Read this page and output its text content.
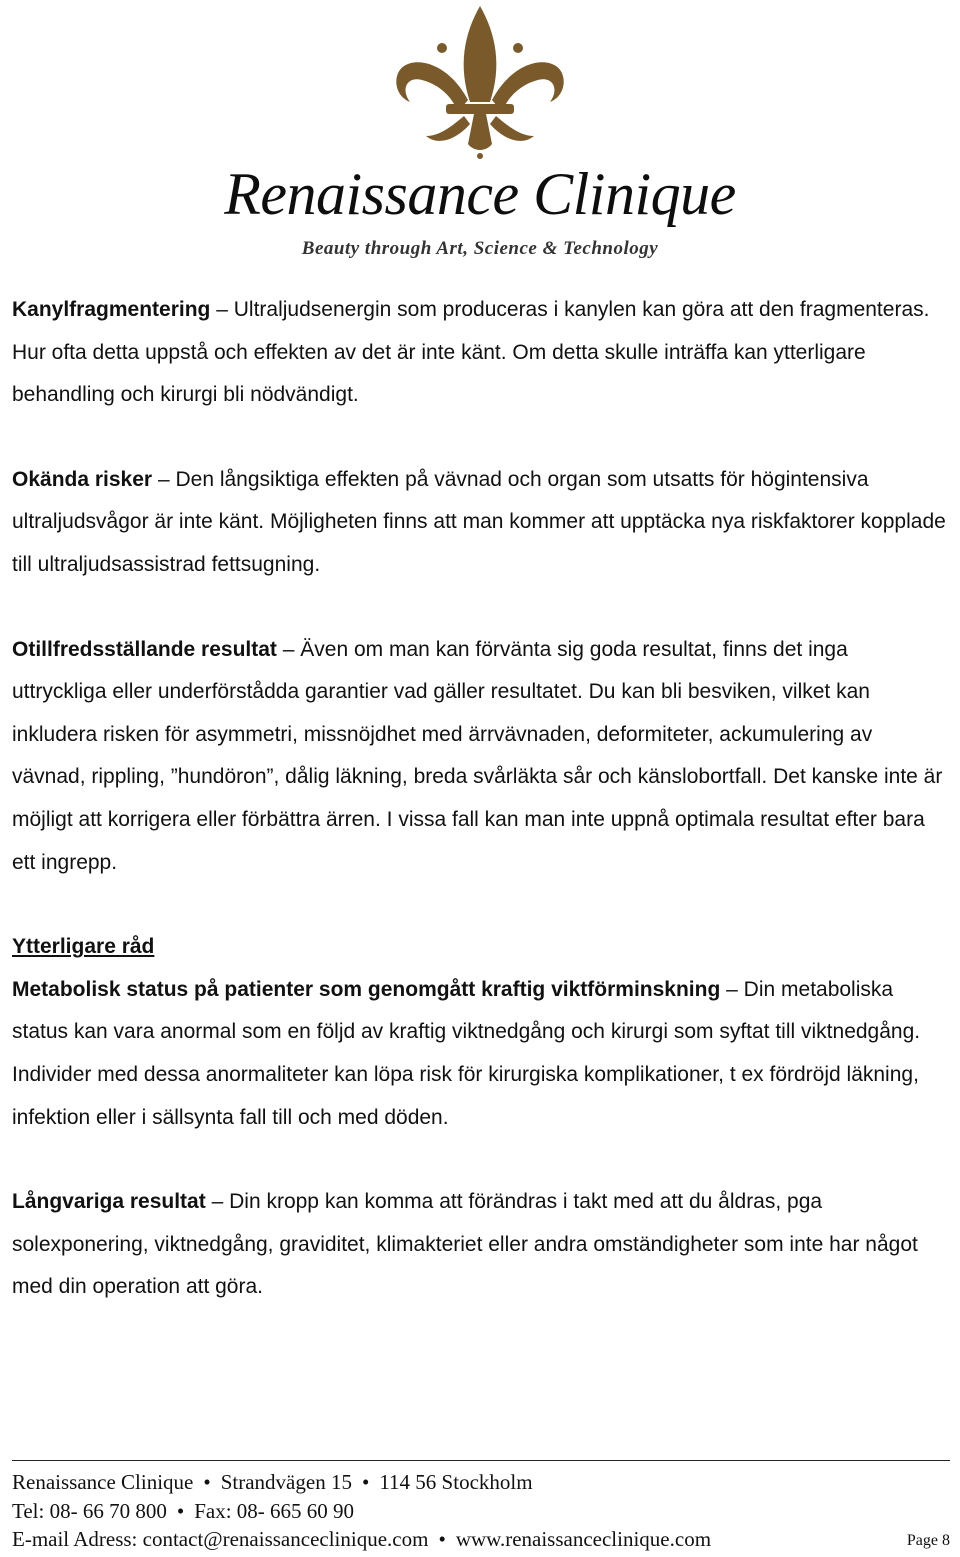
Renaissance Clinique
Beauty through Art, Science & Technology

Kanylfragmentering – Ultraljudsenergin som produceras i kanylen kan göra att den fragmenteras. Hur ofta detta uppstå och effekten av det är inte känt. Om detta skulle inträffa kan ytterligare behandling och kirurgi bli nödvändigt.

Okända risker – Den långsiktiga effekten på vävnad och organ som utsatts för högintensiva ultraljudsvågor är inte känt. Möjligheten finns att man kommer att upptäcka nya riskfaktorer kopplade till ultraljudsassistrad fettsugning.

Otillfredsställande resultat – Även om man kan förvänta sig goda resultat, finns det inga uttryckliga eller underförstådda garantier vad gäller resultatet. Du kan bli besviken, vilket kan inkludera risken för asymmetri, missnöjdhet med ärrvävnaden, deformiteter, ackumulering av vävnad, rippling, ”hundöron”, dålig läkning, breda svårläkta sår och känslobortfall. Det kanske inte är möjligt att korrigera eller förbättra ärren. I vissa fall kan man inte uppnå optimala resultat efter bara ett ingrepp.

Ytterligare råd

Metabolisk status på patienter som genomgått kraftig viktförminskning – Din metaboliska status kan vara anormal som en följd av kraftig viktnedgång och kirurgi som syftat till viktnedgång. Individer med dessa anormaliteter kan löpa risk för kirurgiska komplikationer, t ex fördröjd läkning, infektion eller i sällsynta fall till och med döden.

Långvariga resultat – Din kropp kan komma att förändras i takt med att du åldras, pga solexponering, viktnedgång, graviditet, klimakteriet eller andra omständigheter som inte har något med din operation att göra.

Renaissance Clinique • Strandvägen 15 • 114 56 Stockholm
Tel: 08- 66 70 800 • Fax: 08- 665 60 90
E-mail Adress: contact@renaissanceclinique.com • www.renaissanceclinique.com	Page 8
